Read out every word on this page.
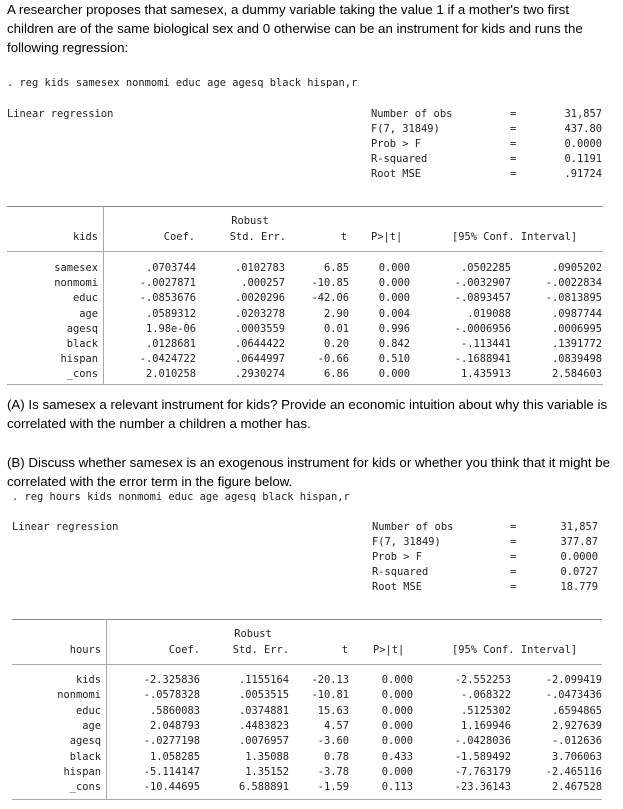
A researcher proposes that samesex, a dummy variable taking the value 1 if a mother's two first children are of the same biological sex and 0 otherwise can be an instrument for kids and runs the following regression:
. reg kids samesex nonmomi educ age agesq black hispan,r
Linear regression	Number of obs	=	31,857
F(7, 31849)	=	437.80
Prob > F	=	0.0000
R-squared	=	0.1191
Root MSE	=	.91724
Robust
kids	Coef.	Std. Err.	t P>|t|	[95% Conf. Interval]
samesex	.0703744	.0102783	6.85	0.000	.0502285	.0905202
nonmomi	-.0027871	.000257	-10.85	0.000	-.0032907	-.0022834
educ	-.0853676	.0020296	-42.06	0.000	-.0893457	-.0813895
age	.0589312	.0203278	2.90	0.004	.019088	.0987744
agesq	1.98e-06	.0003559	0.01	0.996	-.0006956	.0006995
black	.0128681	.0644422	0.20	0.842	-.113441	.1391772
hispan	-.0424722	.0644997	-0.66	0.510	-.1688941	.0839498
_cons	2.010258	.2930274	6.86	0.000	1.435913	2.584603
(A) Is samesex a relevant instrument for kids? Provide an economic intuition about why this variable is correlated with the number a children a mother has.
(B) Discuss whether samesex is an exogenous instrument for kids or whether you think that it might be correlated with the error term in the figure below.
. reg hours kids nonmomi educ age agesq black hispan,r
Linear regression	Number of obs	=	31,857
F(7, 31849)	=	377.87
Prob > F	=	0.0000
R-squared	=	0.0727
Root MSE	=	18.779
Robust
hours	Coef.	Std. Err.	t P>|t|	[95% Conf. Interval]
kids	-2.325836	.1155164	-20.13	0.000	-2.552253	-2.099419
nonmomi	-.0578328	.0053515	-10.81	0.000	-.068322	-.0473436
educ	.5860083	.0374881	15.63	0.000	.5125302	.6594865
age	2.048793	.4483823	4.57	0.000	1.169946	2.927639
agesq	-.0277198	.0076957	-3.60	0.000	-.0428036	-.012636
black	1.058285	1.35088	0.78	0.433	-1.589492	3.706063
hispan	-5.114147	1.35152	-3.78	0.000	-7.763179	-2.465116
_cons	-10.44695	6.588891	-1.59	0.113	-23.36143	2.467528
